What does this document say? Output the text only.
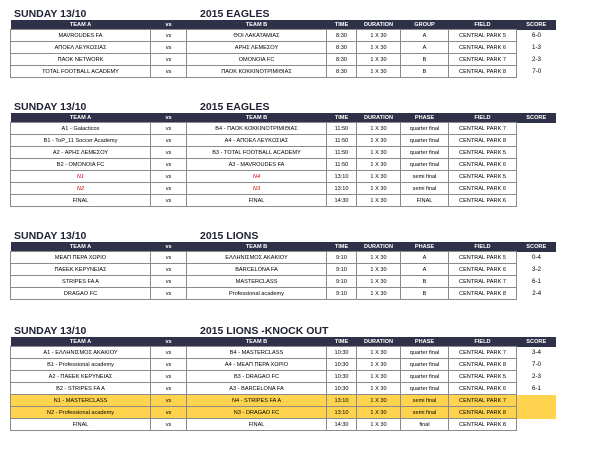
SUNDAY 13/10	2015 EAGLES
TEAM A	vs	TEAM B	TIME	DURATION	GROUP	FIELD	SCORE	
MAVROUDES FA	vs	ΘΟΙ ΛΑΚΑΤΑΜΙΑΣ	8:30	1 X 30	A	CENTRAL PARK 5	6-0	
ΑΠΟΕΛ ΛΕΥΚΩΣΙΑΣ	vs	ΑΡΗΣ ΛΕΜΕΣΟΥ	8:30	1 X 30	A	CENTRAL PARK 6	1-3	
ΠΑΟΚ NETWORK	vs	OMONOIA FC	8:30	1 X 30	B	CENTRAL PARK 7	2-3	
TOTAL FOOTBALL ACADEMY	vs	ΠΑΟΚ ΚΟΚΚΙΝΟΤΡΙΜΙΘΙΑΣ	8:30	1 X 30	B	CENTRAL PARK 8	7-0	
SUNDAY 13/10	2015 EAGLES
TEAM A	vs	TEAM B	TIME	DURATION	PHASE	FIELD	SCORE	
A1 - Galacticos	vs	B4 - ΠΑΟΚ ΚΟΚΚΙΝΟΤΡΙΜΙΘΙΑΣ	11:50	1 X 30	quarter final	CENTRAL PARK 7		
B1 - ToP_11 Soccer Academy	vs	A4 - ΑΠΟΕΛ ΛΕΥΚΩΣΙΑΣ	11:50	1 X 30	quarter final	CENTRAL PARK 8		
A2 - ΑΡΗΣ ΛΕΜΕΣΟΥ	vs	B3 - TOTAL FOOTBALL ACADEMY	11:50	1 X 30	quarter final	CENTRAL PARK 5		
B2 - OMONOIA FC	vs	A3 - MAVROUDES FA	11:50	1 X 30	quarter final	CENTRAL PARK 6		
N1	vs	N4	13:10	1 X 30	semi final	CENTRAL PARK 5		
N2	vs	N3	13:10	1 X 30	semi final	CENTRAL PARK 6		
FINAL	vs	FINAL	14:30	1 X 30	FINAL	CENTRAL PARK 6		
SUNDAY 13/10	2015 LIONS
TEAM A	vs	TEAM B	TIME	DURATION	PHASE	FIELD	SCORE	
ΜΕΑΠ ΠΕΡΑ ΧΩΡΙΟ	vs	ΕΛΛΗΝΙΣΜΟΣ ΑΚΑΚΙΟΥ	9:10	1 X 30	A	CENTRAL PARK 5	0-4	
ΠΑΕΕΚ ΚΕΡΥΝΕΙΑΣ	vs	BARCELONA FA	9:10	1 X 30	A	CENTRAL PARK 6	3-2	
STRIPES FA A	vs	MASTERCLASS	9:10	1 X 30	B	CENTRAL PARK 7	6-1	
DRAGAO FC	vs	Professional academy	9:10	1 X 30	B	CENTRAL PARK 8	2-4	
SUNDAY 13/10	2015 LIONS -KNOCK OUT
TEAM A	vs	TEAM B	TIME	DURATION	PHASE	FIELD	SCORE	
A1 - ΕΛΛΗΝΙΣΜΟΣ ΑΚΑΚΙΟΥ	vs	B4 - MASTERCLASS	10:30	1 X 30	quarter final	CENTRAL PARK 7	3-4	
B1 - Professional academy	vs	A4 - ΜΕΑΠ ΠΕΡΑ ΧΩΡΙΟ	10:30	1 X 30	quarter final	CENTRAL PARK 8	7-0	
A2 - ΠΑΕΕΚ ΚΕΡΥΝΕΙΑΣ	vs	B3 - DRAGAO FC	10:30	1 X 30	quarter final	CENTRAL PARK 5	2-3	
B2 - STRIPES FA A	vs	A3 - BARCELONA FA	10:30	1 X 30	quarter final	CENTRAL PARK 6	6-1	
N1 - MASTERCLASS	vs	N4 - STRIPES FA A	13:10	1 X 30	semi final	CENTRAL PARK 7		
N2 - Professional academy	vs	N3 - DRAGAO FC	13:10	1 X 30	semi final	CENTRAL PARK 8		
FINAL	vs	FINAL	14:30	1 X 30	final	CENTRAL PARK 8		
